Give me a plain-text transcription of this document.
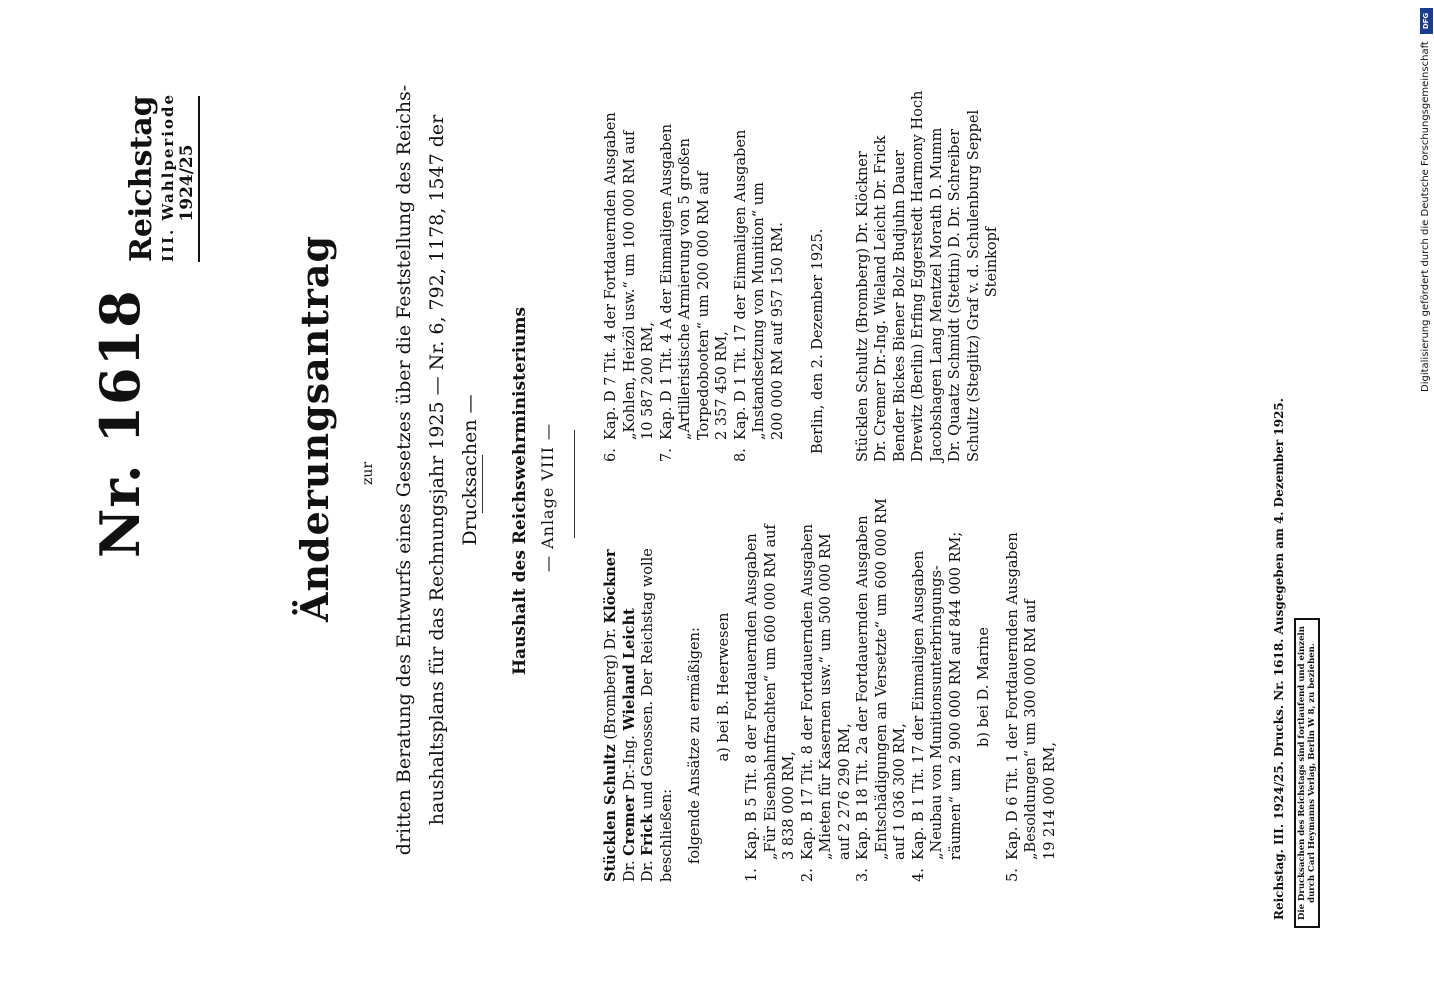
Nr. 1618
Reichstag III. Wahlperiode 1924/25
Änderungsantrag zur dritten Beratung des Entwurfs eines Gesetzes über die Feststellung des Reichs- haushaltsplans für das Rechnungsjahr 1925 — Nr. 6, 792, 1178, 1547 der Drucksachen —	Haushalt des Reichswehrministeriums — Anlage VIII —

Stücklen Schultz (Bromberg) Dr. Klöckner

Dr. Cremer Dr.-Ing. Wieland Leicht

Dr. Frick und Genossen. Der Reichstag wolle

beschließen: folgende Ansätze zu ermäßigen: a) bei B. Heerwesen

1.

Kap. B 5 Tit. 8 der Fortdauernden Ausgaben „Für Eisenbahnfrachten“ um 600 000 RM auf 3 838 000 RM,

2.

Kap. B 17 Tit. 8 der Fortdauernden Ausgaben „Mieten für Kasernen usw.“ um 500 000 RM auf 2 276 290 RM,

3.

Kap. B 18 Tit. 2a der Fortdauernden Ausgaben „Entschädigungen an Versetzte“ um 600 000 RM auf 1 036 300 RM,

4.

Kap. B 1 Tit. 17 der Einmaligen Ausgaben „Neubau von Munitionsunterbringungs- räumen“ um 2 900 000 RM auf 844 000 RM; b) bei D. Marine

5.

Kap. D 6 Tit. 1 der Fortdauernden Ausgaben „Besoldungen“ um 300 000 RM auf 19 214 000 RM,

6.

Kap. D 7 Tit. 4 der Fortdauernden Ausgaben „Kohlen, Heizöl usw.“ um 100 000 RM auf 10 587 200 RM,

7.

Kap. D 1 Tit. 4 A der Einmaligen Ausgaben „Artilleristische Armierung von 5 großen Torpedobooten“ um 200 000 RM auf 2 357 450 RM,

8.

Kap. D 1 Tit. 17 der Einmaligen Ausgaben „Instandsetzung von Munition“ um 200 000 RM auf 957 150 RM. Berlin, den 2. Dezember 1925. Stücklen Schultz (Bromberg) Dr. Klöckner Dr. Cremer Dr.-Ing. Wieland Leicht Dr. Frick Bender Bickes Biener Bolz Budjuhn Dauer Drewitz (Berlin) Erfing Eggerstedt Harmony Hoch Jacobshagen Lang Mentzel Morath D. Mumm Dr. Quaatz Schmidt (Stettin) D. Dr. Schreiber Schultz (Steglitz) Graf v. d. Schulenburg Seppel Steinkopf

Reichstag. III. 1924/25. Drucks. Nr. 1618. Ausgegeben am 4. Dezember 1925. Die Drucksachen des Reichstags sind fortlaufend und einzeln durch Carl Heymanns Verlag, Berlin W 8, zu beziehen.
Digitalisierung gefördert durch die Deutsche Forschungsgemeinschaft
DFG
